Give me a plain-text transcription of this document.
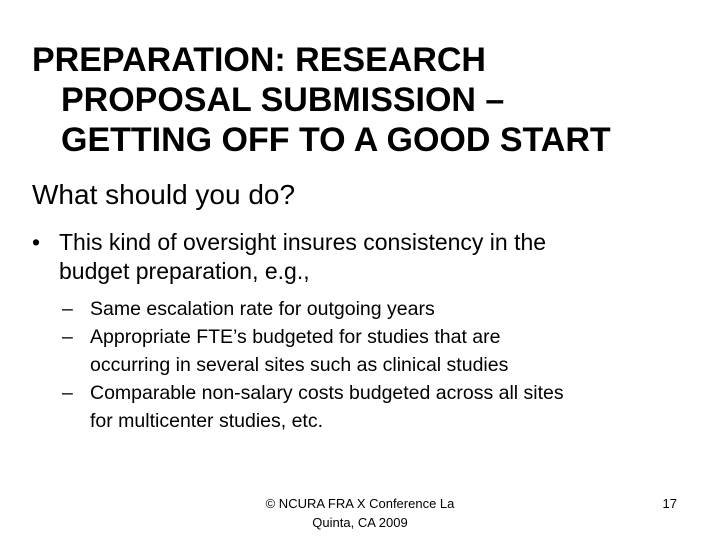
PREPARATION: RESEARCH
PROPOSAL SUBMISSION –
GETTING OFF TO A GOOD START
What should you do?
• This kind of oversight insures consistency in the
budget preparation, e.g.,
– Same escalation rate for outgoing years
– Appropriate FTE’s budgeted for studies that are
occurring in several sites such as clinical studies
– Comparable non-salary costs budgeted across all sites
for multicenter studies, etc.
© NCURA FRA X Conference La
Quinta, CA 2009
17
